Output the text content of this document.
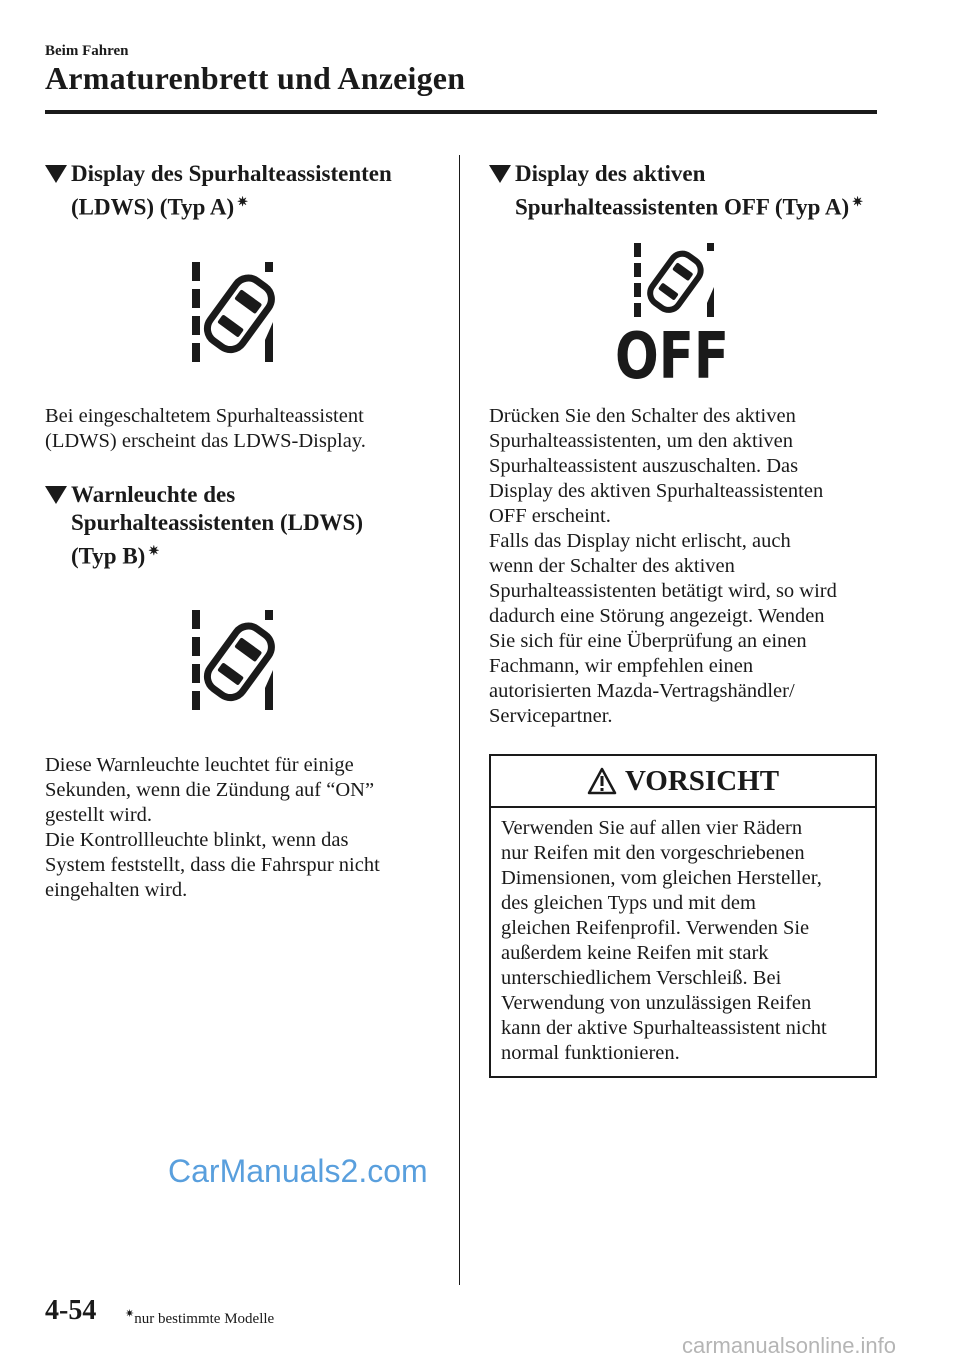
Beim Fahren
Armaturenbrett und Anzeigen
Display des Spurhalteassistenten
(LDWS) (Typ A) ✷
Bei eingeschaltetem Spurhalteassistent
(LDWS) erscheint das LDWS-Display.
Warnleuchte des
Spurhalteassistenten (LDWS)
(Typ B) ✷
Diese Warnleuchte leuchtet für einige
Sekunden, wenn die Zündung auf “ON”
gestellt wird.
Die Kontrollleuchte blinkt, wenn das
System feststellt, dass die Fahrspur nicht
eingehalten wird.
Display des aktiven
Spurhalteassistenten OFF (Typ A) ✷
OFF
Drücken Sie den Schalter des aktiven
Spurhalteassistenten, um den aktiven
Spurhalteassistent auszuschalten. Das
Display des aktiven Spurhalteassistenten
OFF erscheint.
Falls das Display nicht erlischt, auch
wenn der Schalter des aktiven
Spurhalteassistenten betätigt wird, so wird
dadurch eine Störung angezeigt. Wenden
Sie sich für eine Überprüfung an einen
Fachmann, wir empfehlen einen
autorisierten Mazda-Vertragshändler/
Servicepartner.
VORSICHT
Verwenden Sie auf allen vier Rädern
nur Reifen mit den vorgeschriebenen
Dimensionen, vom gleichen Hersteller,
des gleichen Typs und mit dem
gleichen Reifenprofil. Verwenden Sie
außerdem keine Reifen mit stark
unterschiedlichem Verschleiß. Bei
Verwendung von unzulässigen Reifen
kann der aktive Spurhalteassistent nicht
normal funktionieren.
4-54	✷nur bestimmte Modelle
CarManuals2.com
carmanualsonline.info
